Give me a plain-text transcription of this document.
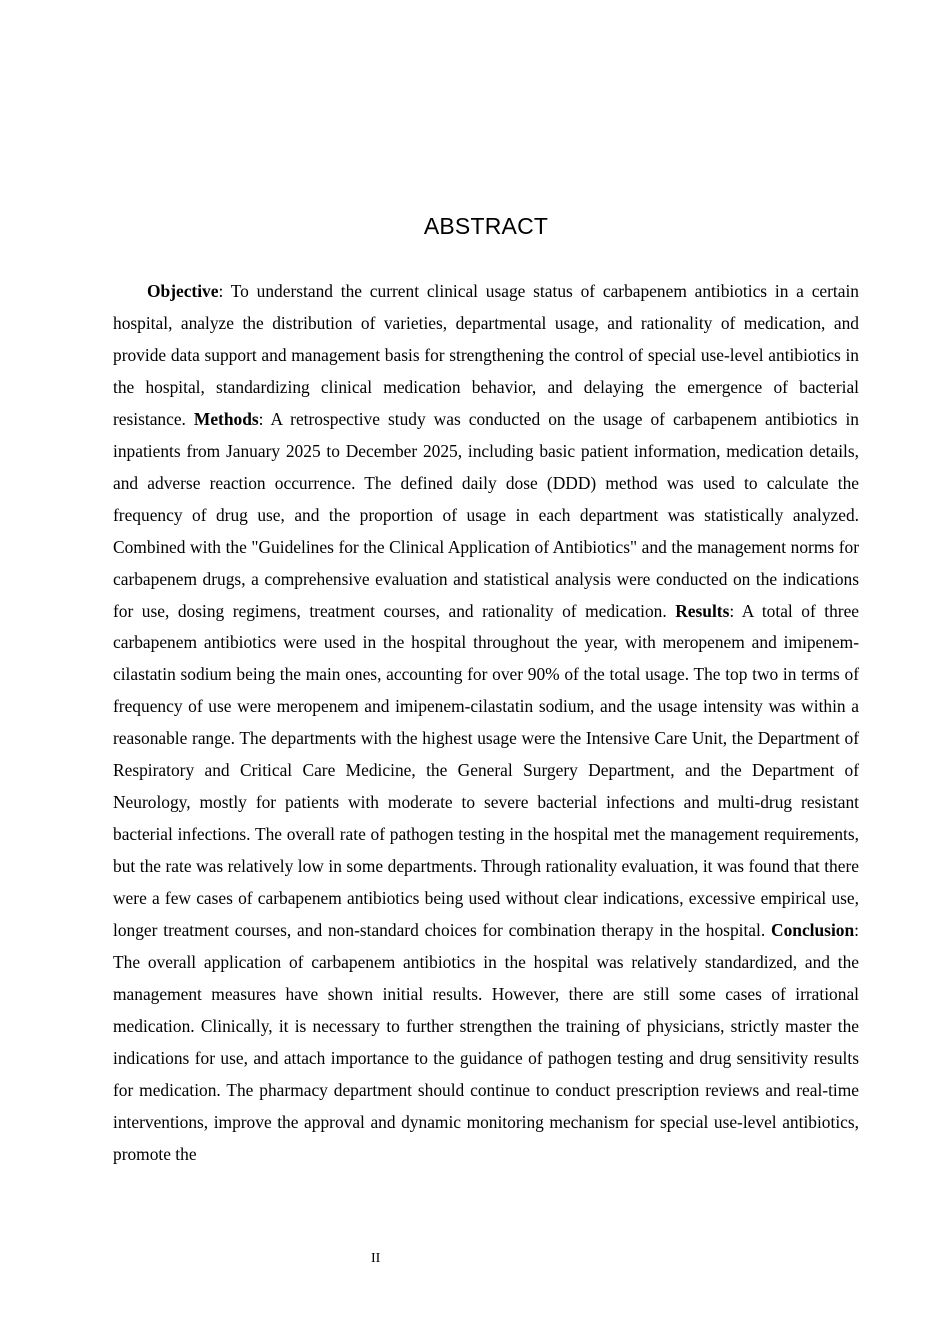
ABSTRACT

Objective: To understand the current clinical usage status of carbapenem antibiotics in a certain hospital, analyze the distribution of varieties, departmental usage, and rationality of medication, and provide data support and management basis for strengthening the control of special use-level antibiotics in the hospital, standardizing clinical medication behavior, and delaying the emergence of bacterial resistance. Methods: A retrospective study was conducted on the usage of carbapenem antibiotics in inpatients from January 2025 to December 2025, including basic patient information, medication details, and adverse reaction occurrence. The defined daily dose (DDD) method was used to calculate the frequency of drug use, and the proportion of usage in each department was statistically analyzed. Combined with the "Guidelines for the Clinical Application of Antibiotics" and the management norms for carbapenem drugs, a comprehensive evaluation and statistical analysis were conducted on the indications for use, dosing regimens, treatment courses, and rationality of medication. Results: A total of three carbapenem antibiotics were used in the hospital throughout the year, with meropenem and imipenem-cilastatin sodium being the main ones, accounting for over 90% of the total usage. The top two in terms of frequency of use were meropenem and imipenem-cilastatin sodium, and the usage intensity was within a reasonable range. The departments with the highest usage were the Intensive Care Unit, the Department of Respiratory and Critical Care Medicine, the General Surgery Department, and the Department of Neurology, mostly for patients with moderate to severe bacterial infections and multi-drug resistant bacterial infections. The overall rate of pathogen testing in the hospital met the management requirements, but the rate was relatively low in some departments. Through rationality evaluation, it was found that there were a few cases of carbapenem antibiotics being used without clear indications, excessive empirical use, longer treatment courses, and non-standard choices for combination therapy in the hospital. Conclusion: The overall application of carbapenem antibiotics in the hospital was relatively standardized, and the management measures have shown initial results. However, there are still some cases of irrational medication. Clinically, it is necessary to further strengthen the training of physicians, strictly master the indications for use, and attach importance to the guidance of pathogen testing and drug sensitivity results for medication. The pharmacy department should continue to conduct prescription reviews and real-time interventions, improve the approval and dynamic monitoring mechanism for special use-level antibiotics, promote the

II
